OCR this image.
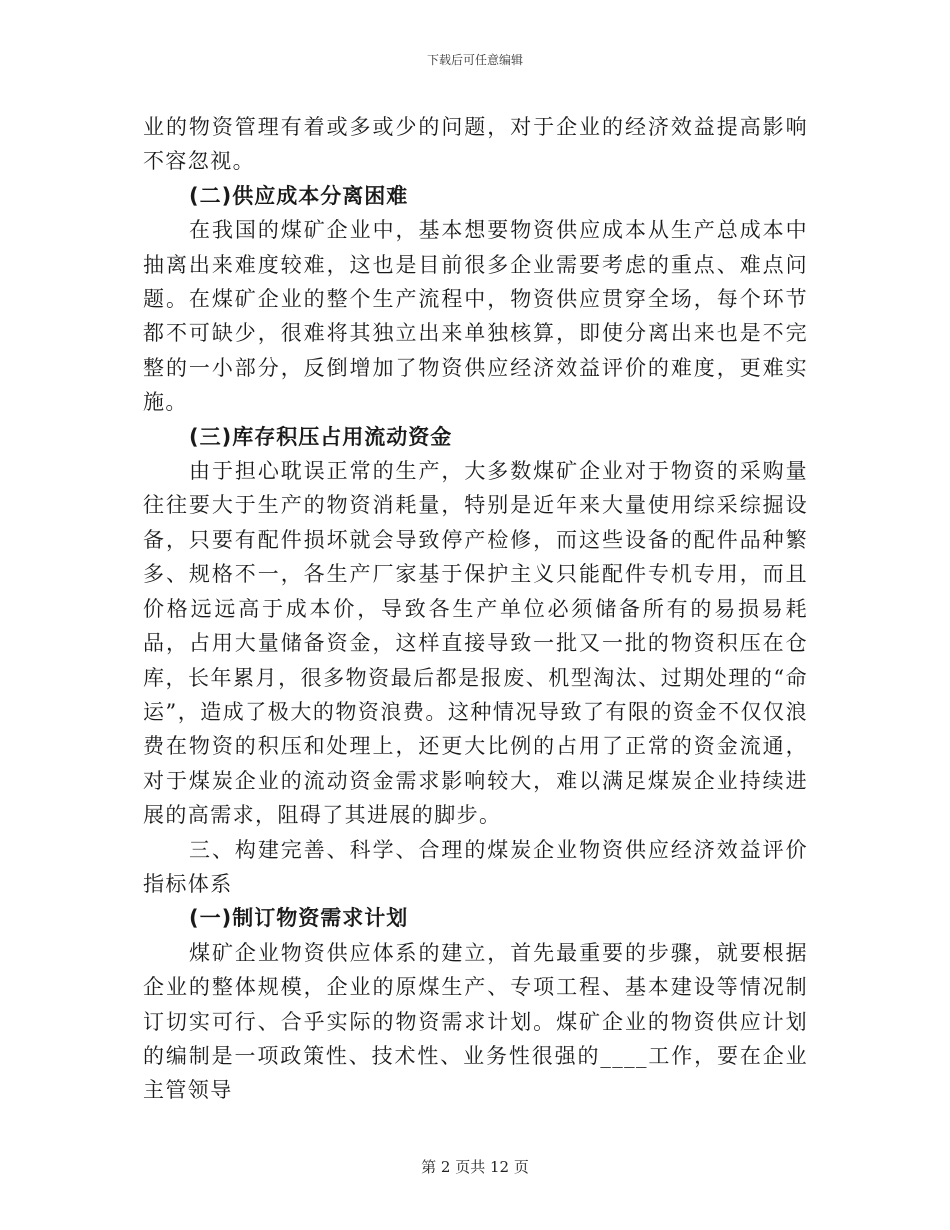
下载后可任意编辑

业的物资管理有着或多或少的问题，对于企业的经济效益提高影响不容忽视。

(二)供应成本分离困难

在我国的煤矿企业中，基本想要物资供应成本从生产总成本中抽离出来难度较难，这也是目前很多企业需要考虑的重点、难点问题。在煤矿企业的整个生产流程中，物资供应贯穿全场，每个环节都不可缺少，很难将其独立出来单独核算，即使分离出来也是不完整的一小部分，反倒增加了物资供应经济效益评价的难度，更难实施。

(三)库存积压占用流动资金

由于担心耽误正常的生产，大多数煤矿企业对于物资的采购量往往要大于生产的物资消耗量，特别是近年来大量使用综采综掘设备，只要有配件损坏就会导致停产检修，而这些设备的配件品种繁多、规格不一，各生产厂家基于保护主义只能配件专机专用，而且价格远远高于成本价，导致各生产单位必须储备所有的易损易耗品，占用大量储备资金，这样直接导致一批又一批的物资积压在仓库，长年累月，很多物资最后都是报废、机型淘汰、过期处理的“命运”，造成了极大的物资浪费。这种情况导致了有限的资金不仅仅浪费在物资的积压和处理上，还更大比例的占用了正常的资金流通，对于煤炭企业的流动资金需求影响较大，难以满足煤炭企业持续进展的高需求，阻碍了其进展的脚步。

三、构建完善、科学、合理的煤炭企业物资供应经济效益评价指标体系

(一)制订物资需求计划

煤矿企业物资供应体系的建立，首先最重要的步骤，就要根据企业的整体规模，企业的原煤生产、专项工程、基本建设等情况制订切实可行、合乎实际的物资需求计划。煤矿企业的物资供应计划的编制是一项政策性、技术性、业务性很强的____工作，要在企业主管领导

第 2 页共 12 页
